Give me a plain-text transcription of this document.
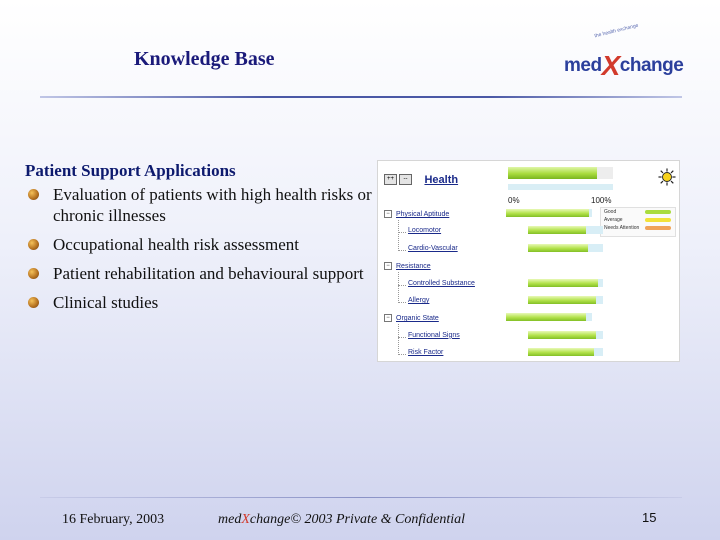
Knowledge Base
the health exchange
medXchange
Patient Support Applications
Evaluation of patients with high health risks or chronic illnesses
Occupational health risk assessment
Patient rehabilitation and behavioural support
Clinical studies
++ -- Health
0%	100%
Good
Average
Needs Attention
− Physical Aptitude
Locomotor
Cardio-Vascular
− Resistance
Controlled Substance
Allergy
− Organic State
Functional Signs
Risk Factor
16 February, 2003	medXchange© 2003 Private & Confidential	15
